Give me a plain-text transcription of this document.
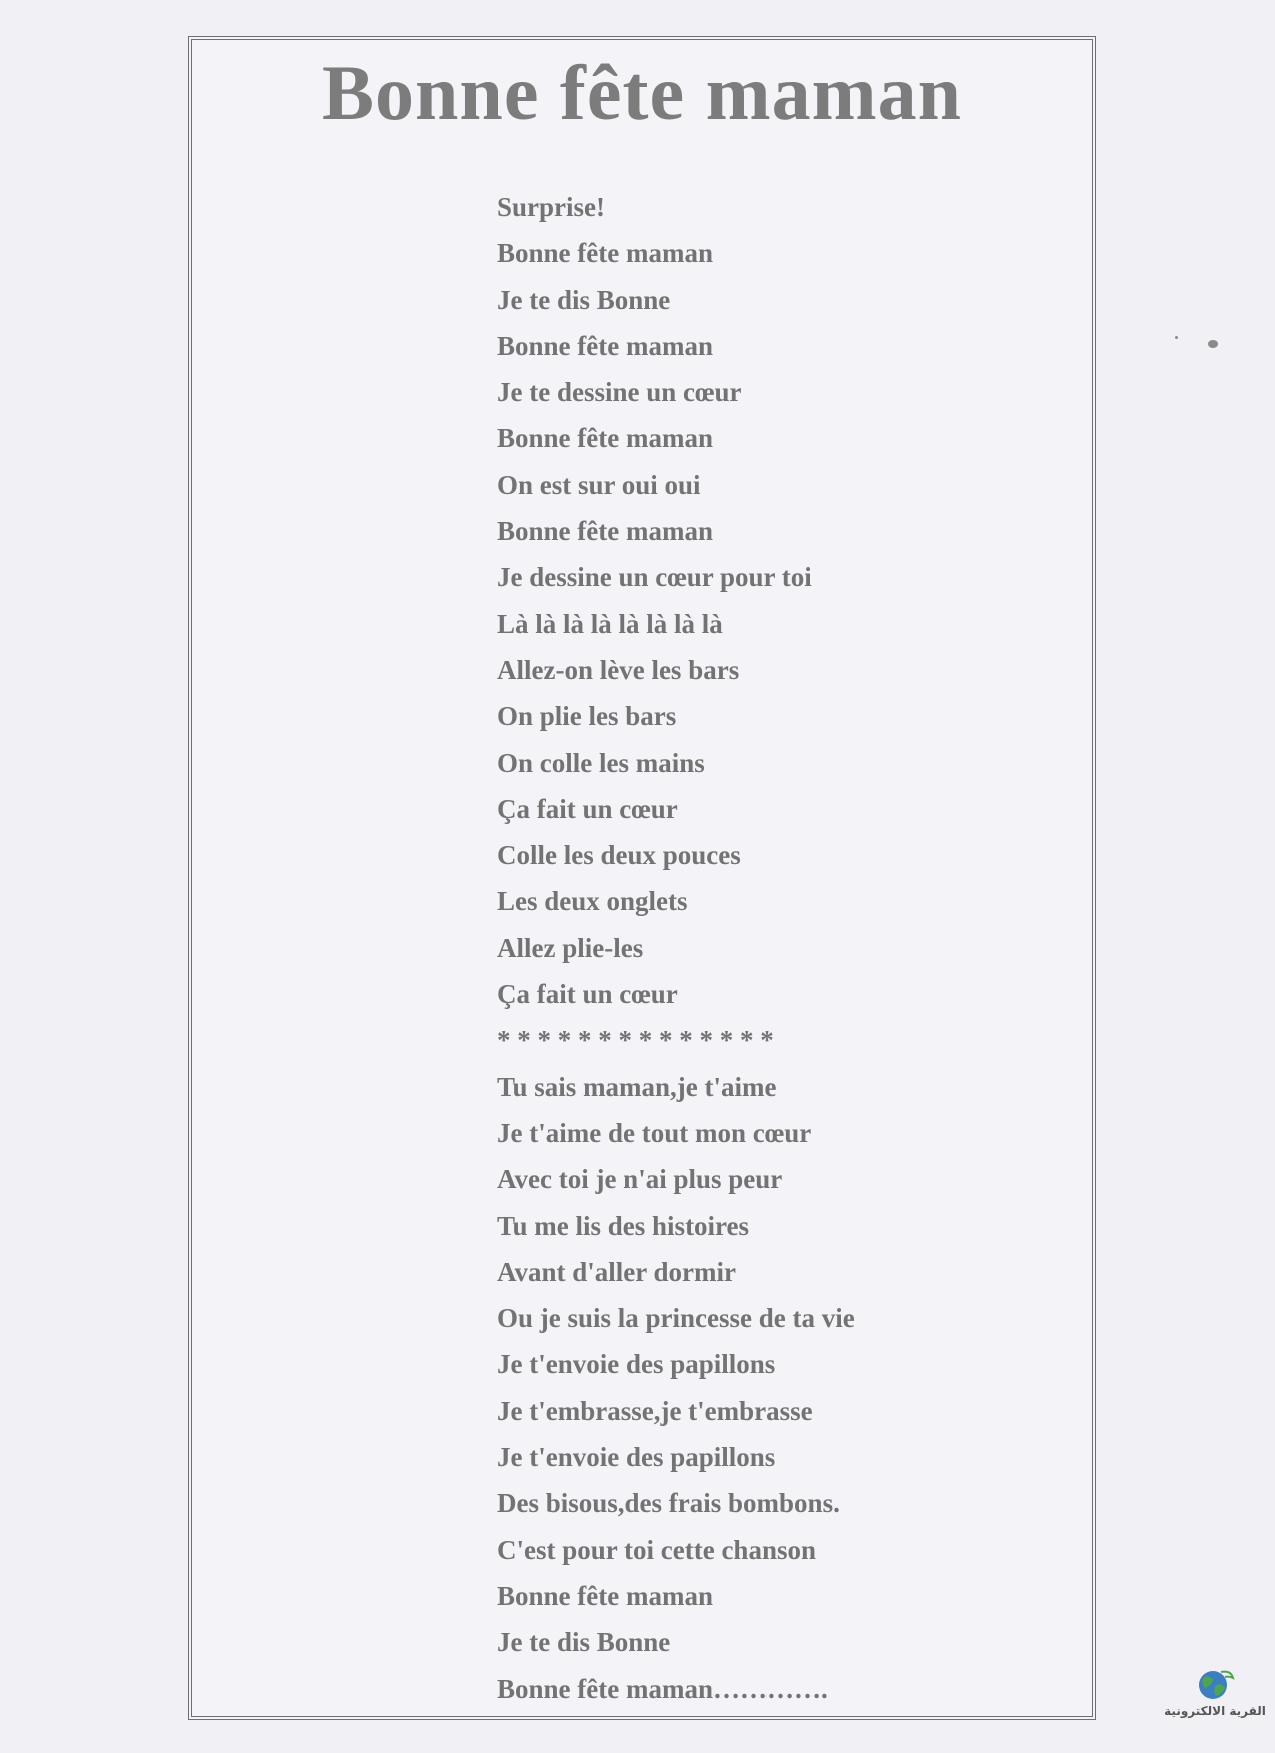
Bonne fête maman
Surprise!
Bonne fête maman
Je te dis Bonne
Bonne fête maman
Je te dessine un cœur
Bonne fête maman
On est sur oui oui
Bonne fête maman
Je dessine un cœur pour toi
Là là là là là là là là
Allez-on lève les bars
On plie les bars
On colle les mains
Ça fait un cœur
Colle les deux pouces
Les deux onglets
Allez plie-les
Ça fait un cœur
* * * * * * * * * * * * * *
Tu sais maman,je t'aime
Je t'aime de tout mon cœur
Avec toi je n'ai plus peur
Tu me lis des histoires
Avant d'aller dormir
Ou je suis la princesse de ta vie
Je t'envoie des papillons
Je t'embrasse,je t'embrasse
Je t'envoie des papillons
Des bisous,des frais bombons.
C'est pour toi cette chanson
Bonne fête maman
Je te dis Bonne
Bonne fête maman………….
القرية الالكترونية
